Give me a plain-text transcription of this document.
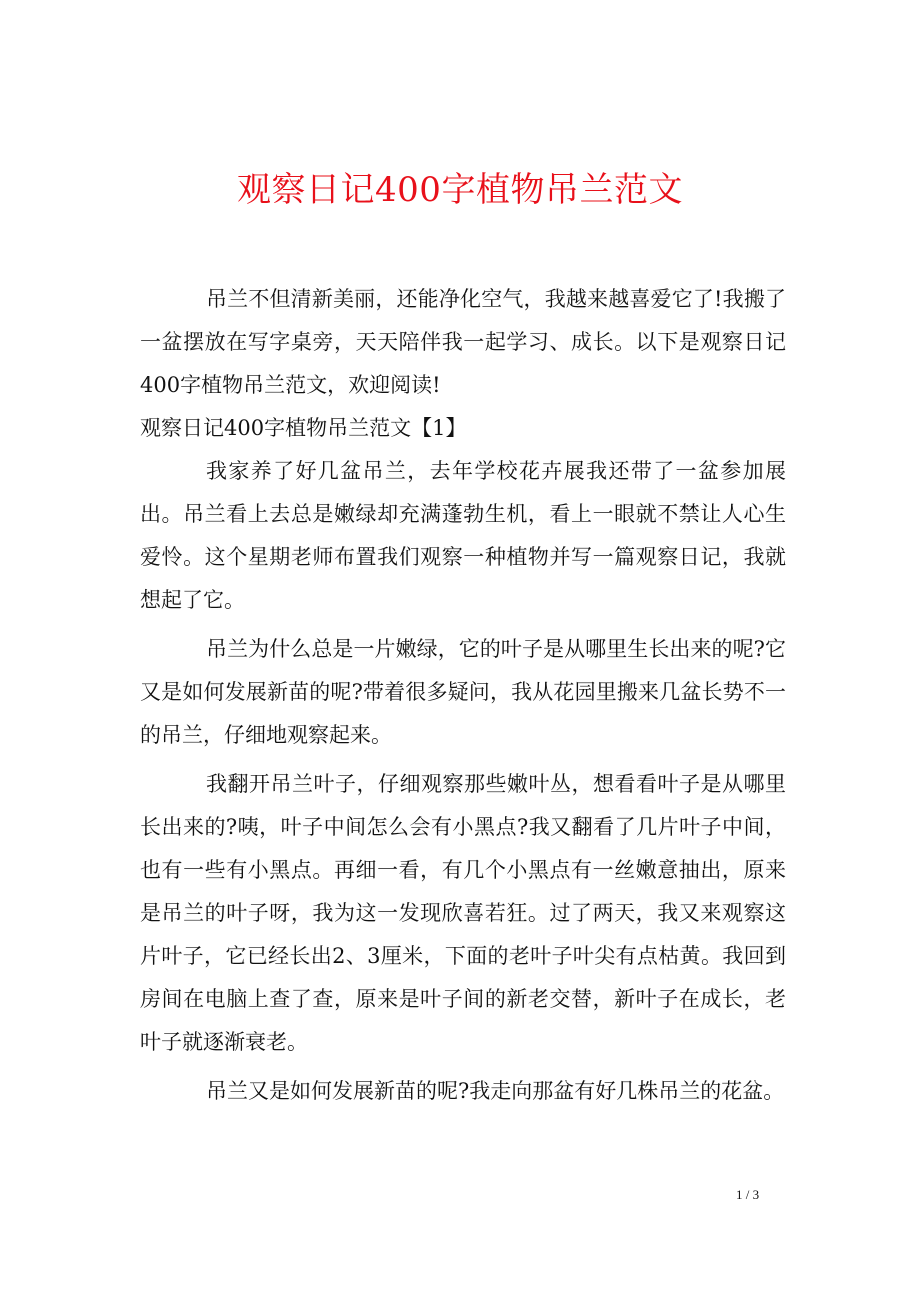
观察日记400字植物吊兰范文

吊兰不但清新美丽，还能净化空气，我越来越喜爱它了!我搬了一盆摆放在写字桌旁，天天陪伴我一起学习、成长。以下是观察日记400字植物吊兰范文，欢迎阅读!

观察日记400字植物吊兰范文【1】

我家养了好几盆吊兰，去年学校花卉展我还带了一盆参加展出。吊兰看上去总是嫩绿却充满蓬勃生机，看上一眼就不禁让人心生爱怜。这个星期老师布置我们观察一种植物并写一篇观察日记，我就想起了它。

吊兰为什么总是一片嫩绿，它的叶子是从哪里生长出来的呢?它又是如何发展新苗的呢?带着很多疑问，我从花园里搬来几盆长势不一的吊兰，仔细地观察起来。

我翻开吊兰叶子，仔细观察那些嫩叶丛，想看看叶子是从哪里长出来的?咦，叶子中间怎么会有小黑点?我又翻看了几片叶子中间，也有一些有小黑点。再细一看，有几个小黑点有一丝嫩意抽出，原来是吊兰的叶子呀，我为这一发现欣喜若狂。过了两天，我又来观察这片叶子，它已经长出2、3厘米，下面的老叶子叶尖有点枯黄。我回到房间在电脑上查了查，原来是叶子间的新老交替，新叶子在成长，老叶子就逐渐衰老。

吊兰又是如何发展新苗的呢?我走向那盆有好几株吊兰的花盆。

1 / 3
